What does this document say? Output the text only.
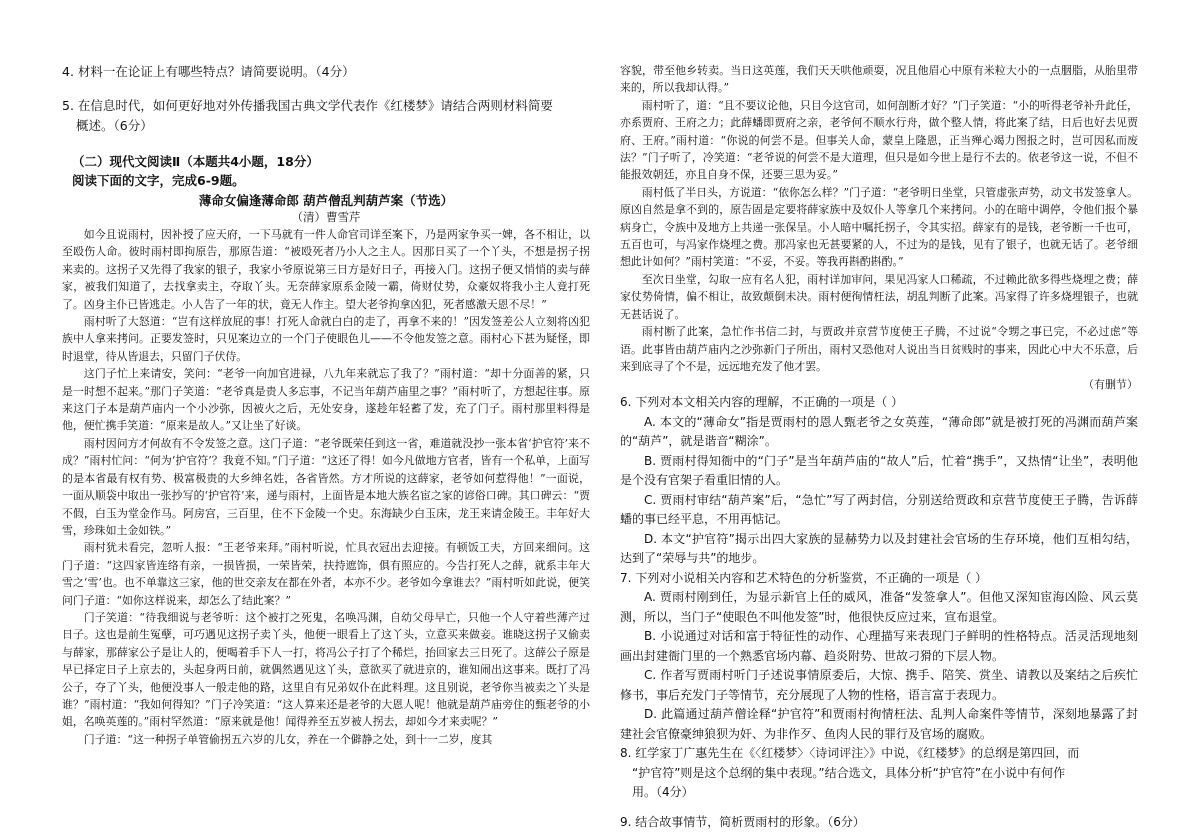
4. 材料一在论证上有哪些特点？请简要说明。（4分）

5. 在信息时代，如何更好地对外传播我国古典文学代表作《红楼梦》请结合两则材料简要
概述。（6分）

（二）现代文阅读Ⅱ（本题共4小题，18分）

阅读下面的文字，完成6-9题。

薄命女偏逢薄命郎 葫芦僧乱判葫芦案（节选）

（清）曹雪芹

如今且说雨村，因补授了应天府，一下马就有一件人命官司详至案下，乃是两家争买一婢，各不相让，以至殴伤人命。彼时雨村即拘原告，那原告道：“被殴死者乃小人之主人。因那日买了一个丫头，不想是拐子拐来卖的。这拐子又先得了我家的银子，我家小爷原说第三日方是好日子，再接入门。这拐子便又悄悄的卖与薛家，被我们知道了，去找拿卖主，夺取丫头。无奈薛家原系金陵一霸，倚财仗势，众豪奴将我小主人竟打死了。凶身主仆已皆逃走。小人告了一年的状，竟无人作主。望大老爷拘拿凶犯，死者感激天恩不尽！”

雨村听了大怒道：“岂有这样放屁的事！打死人命就白白的走了，再拿不来的！”因发签差公人立刻将凶犯族中人拿来拷问。正要发签时，只见案边立的一个门子使眼色儿——不令他发签之意。雨村心下甚为疑怪，即时退堂，待从皆退去，只留门子伏侍。

这门子忙上来请安，笑问：“老爷一向加官进禄，八九年来就忘了我了？”雨村道：“却十分面善的紧，只是一时想不起来。”那门子笑道：“老爷真是贵人多忘事，不记当年葫芦庙里之事？”雨村听了，方想起往事。原来这门子本是葫芦庙内一个小沙弥，因被火之后，无处安身，遂趁年轻蓄了发，充了门子。雨村那里料得是他，便忙携手笑道：“原来是故人。”又让坐了好谈。

雨村因问方才何故有不令发签之意。这门子道：“老爷既荣任到这一省，难道就没抄一张本省‘护官符’来不成？”雨村忙问：“何为‘护官符’？我竟不知。”门子道：“这还了得！如今凡做地方官者，皆有一个私单，上面写的是本省最有权有势、极富极贵的大乡绅名姓，各省皆然。方才所说的这薛家，老爷如何惹得他！”一面说，一面从顺袋中取出一张抄写的‘护官符’来，递与雨村，上面皆是本地大族名宦之家的谚俗口碑。其口碑云：“贾不假，白玉为堂金作马。阿房宫，三百里，住不下金陵一个史。东海缺少白玉床，龙王来请金陵王。丰年好大雪，珍珠如土金如铁。”

雨村犹未看完，忽听人报：“王老爷来拜。”雨村听说，忙具衣冠出去迎接。有顿饭工夫，方回来细问。这门子道：“这四家皆连络有亲，一损皆损，一荣皆荣，扶持遮饰，俱有照应的。今告打死人之薛，就系丰年大雪之‘雪’也。也不单靠这三家，他的世交亲友在都在外者，本亦不少。老爷如今拿谁去？”雨村听如此说，便笑问门子道：“如你这样说来，却怎么了结此案？”

门子笑道：“待我细说与老爷听：这个被打之死鬼，名唤冯渊，自幼父母早亡，只他一个人守着些薄产过日子。这也是前生冤孽，可巧遇见这拐子卖丫头，他便一眼看上了这丫头，立意买来做妾。谁晓这拐子又偷卖与薛家，那薛家公子是让人的，便喝着手下人一打，将冯公子打了个稀烂，抬回家去三日死了。这薛公子原是早已择定日子上京去的，头起身两日前，就偶然遇见这丫头，意欲买了就进京的，谁知闹出这事来。既打了冯公子，夺了丫头，他便没事人一般走他的路，这里自有兄弟奴仆在此料理。这且别说，老爷你当被卖之丫头是谁？”雨村道：“我如何得知？”门子冷笑道：“这人算来还是老爷的大恩人呢！他就是葫芦庙旁住的甄老爷的小姐，名唤英莲的。”雨村罕然道：“原来就是他！闻得养至五岁被人拐去，却如今才来卖呢？”

门子道：“这一种拐子单管偷拐五六岁的儿女，养在一个僻静之处，到十一二岁，度其

容貌，带至他乡转卖。当日这英莲，我们天天哄他顽耍，况且他眉心中原有米粒大小的一点胭脂，从胎里带来的，所以我却认得。”

雨村听了，道：“且不要议论他，只目今这官司，如何剖断才好？”门子笑道：“小的听得老爷补升此任，亦系贾府、王府之力；此薛蟠即贾府之亲，老爷何不顺水行舟，做个整人情，将此案了结，日后也好去见贾府、王府。”雨村道：“你说的何尝不是。但事关人命，蒙皇上隆恩，正当殚心竭力图报之时，岂可因私而废法？”门子听了，冷笑道：“老爷说的何尝不是大道理，但只是如今世上是行不去的。依老爷这一说，不但不能报效朝廷，亦且自身不保，还要三思为妥。”

雨村低了半日头，方说道：“依你怎么样？”门子道：“老爷明日坐堂，只管虚张声势，动文书发签拿人。原凶自然是拿不到的，原告固是定要将薛家族中及奴仆人等拿几个来拷问。小的在暗中调停，令他们报个暴病身亡，令族中及地方上共递一张保呈。小人暗中嘱托拐子，令其实招。薛家有的是钱，老爷断一千也可，五百也可，与冯家作烧埋之费。那冯家也无甚要紧的人，不过为的是钱，见有了银子，也就无话了。老爷细想此计如何？”雨村笑道：“不妥，不妥。等我再斟酌斟酌。”

至次日坐堂，勾取一应有名人犯，雨村详加审问，果见冯家人口稀疏，不过赖此欲多得些烧埋之费；薛家仗势倚情，偏不相让，故致颠倒未决。雨村便徇情枉法，胡乱判断了此案。冯家得了许多烧埋银子，也就无甚话说了。

雨村断了此案，急忙作书信二封，与贾政并京营节度使王子腾，不过说“令甥之事已完，不必过虑”等语。此事皆由葫芦庙内之沙弥新门子所出，雨村又恐他对人说出当日贫贱时的事来，因此心中大不乐意，后来到底寻了个不是，远远地充发了他才罢。

（有删节）

6. 下列对本文相关内容的理解，不正确的一项是（ ）

A. 本文的“薄命女”指是贾雨村的恩人甄老爷之女英莲，“薄命郎”就是被打死的冯渊而葫芦案的“葫芦”，就是谐音“糊涂”。

B. 贾雨村得知衙中的“门子”是当年葫芦庙的“故人”后，忙着“携手”，又热情“让坐”，表明他是个没有官架子看重旧情的人。

C. 贾雨村审结“葫芦案”后，“急忙”写了两封信，分别送给贾政和京营节度使王子腾，告诉薛蟠的事已经平息，不用再惦记。

D. 本文“护官符”揭示出四大家族的显赫势力以及封建社会官场的生存环境，他们互相勾结，达到了“荣辱与共”的地步。

7. 下列对小说相关内容和艺术特色的分析鉴赏，不正确的一项是（ ）

A. 贾雨村刚到任，为显示新官上任的威风，准备“发签拿人”。但他又深知宦海凶险、风云莫测，所以，当门子“使眼色不叫他发签”时，他很快反应过来，宣布退堂。

B. 小说通过对话和富于特征性的动作、心理描写来表现门子鲜明的性格特点。活灵活现地刻画出封建衙门里的一个熟悉官场内幕、趋炎附势、世故刁猾的下层人物。

C. 作者写贾雨村听门子述说事情原委后，大惊、携手、陪笑、赏坐、请教以及案结之后疾忙修书，事后充发门子等情节，充分展现了人物的性格，语言富于表现力。

D. 此篇通过葫芦僧诠释“护官符”和贾雨村徇情枉法、乱判人命案件等情节，深刻地暴露了封建社会官僚豪绅狼狈为奸、为非作歹、鱼肉人民的罪行及官场的腐败。

8. 红学家丁广惠先生在《〈红楼梦〉〈诗词评注〉》中说，《红楼梦》的总纲是第四回，而

“护官符”则是这个总纲的集中表现。”结合选文，具体分析“护官符”在小说中有何作

用。（4分）

9. 结合故事情节，简析贾雨村的形象。（6分）
